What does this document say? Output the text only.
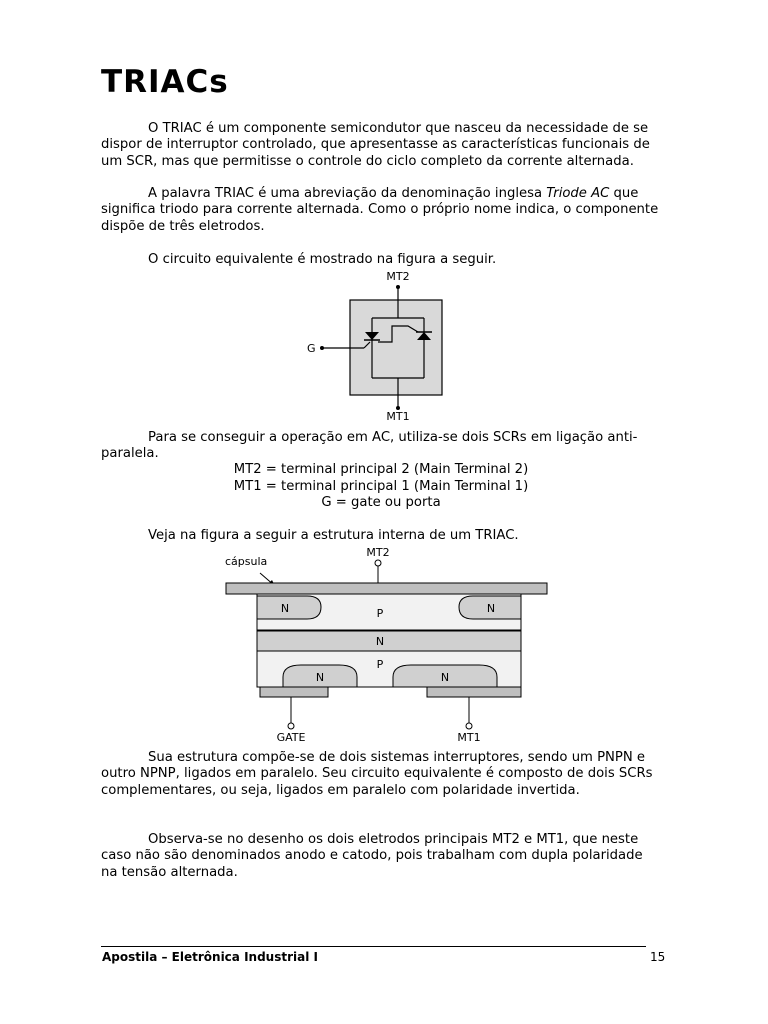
TRIACs

O TRIAC é um componente semicondutor que nasceu da necessidade de se dispor de interruptor controlado, que apresentasse as características funcionais de um SCR, mas que permitisse o controle do ciclo completo da corrente alternada.

A palavra TRIAC é uma abreviação da denominação inglesa Triode AC que significa triodo para corrente alternada. Como o próprio nome indica, o componente dispõe de três eletrodos.

O circuito equivalente é mostrado na figura a seguir.

MT2
MT1
G

Para se conseguir a operação em AC, utiliza-se dois SCRs em ligação anti-paralela.

MT2 = terminal principal 2 (Main Terminal 2)
MT1 = terminal principal 1 (Main Terminal 1)
G = gate ou porta

Veja na figura a seguir a estrutura interna de um TRIAC.

MT2
cápsula
N	N
P
N
P
N	N
GATE	MT1

Sua estrutura compõe-se de dois sistemas interruptores, sendo um PNPN e outro NPNP, ligados em paralelo. Seu circuito equivalente é composto de dois SCRs complementares, ou seja, ligados em paralelo com polaridade invertida.

Observa-se no desenho os dois eletrodos principais MT2 e MT1, que neste caso não são denominados anodo e catodo, pois trabalham com dupla polaridade na tensão alternada.

Apostila – Eletrônica Industrial I	15
